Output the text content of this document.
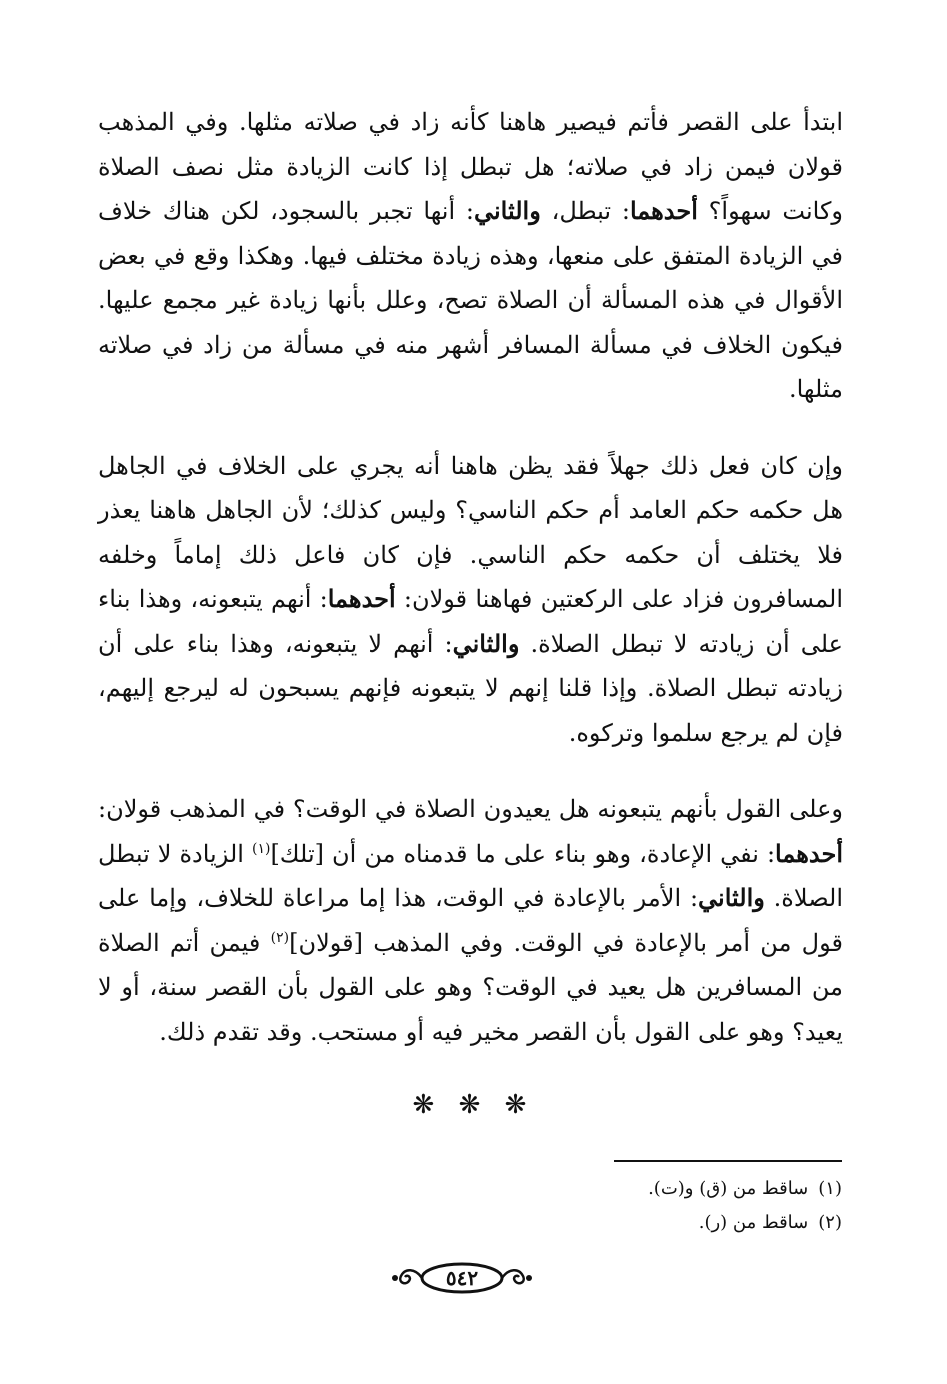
ابتدأ على القصر فأتم فيصير هاهنا كأنه زاد في صلاته مثلها. وفي المذهب قولان فيمن زاد في صلاته؛ هل تبطل إذا كانت الزيادة مثل نصف الصلاة وكانت سهواً؟ أحدهما: تبطل، والثاني: أنها تجبر بالسجود، لكن هناك خلاف في الزيادة المتفق على منعها، وهذه زيادة مختلف فيها. وهكذا وقع في بعض الأقوال في هذه المسألة أن الصلاة تصح، وعلل بأنها زيادة غير مجمع عليها. فيكون الخلاف في مسألة المسافر أشهر منه في مسألة من زاد في صلاته مثلها.

وإن كان فعل ذلك جهلاً فقد يظن هاهنا أنه يجري على الخلاف في الجاهل هل حكمه حكم العامد أم حكم الناسي؟ وليس كذلك؛ لأن الجاهل هاهنا يعذر فلا يختلف أن حكمه حكم الناسي. فإن كان فاعل ذلك إماماً وخلفه المسافرون فزاد على الركعتين فهاهنا قولان: أحدهما: أنهم يتبعونه، وهذا بناء على أن زيادته لا تبطل الصلاة. والثاني: أنهم لا يتبعونه، وهذا بناء على أن زيادته تبطل الصلاة. وإذا قلنا إنهم لا يتبعونه فإنهم يسبحون له ليرجع إليهم، فإن لم يرجع سلموا وتركوه.

وعلى القول بأنهم يتبعونه هل يعيدون الصلاة في الوقت؟ في المذهب قولان: أحدهما: نفي الإعادة، وهو بناء على ما قدمناه من أن [تلك]$^{(١)}$ الزيادة لا تبطل الصلاة. والثاني: الأمر بالإعادة في الوقت، هذا إما مراعاة للخلاف، وإما على قول من أمر بالإعادة في الوقت. وفي المذهب [قولان]$^{(٢)}$ فيمن أتم الصلاة من المسافرين هل يعيد في الوقت؟ وهو على القول بأن القصر سنة، أو لا يعيد؟ وهو على القول بأن القصر مخير فيه أو مستحب. وقد تقدم ذلك.

❋ ❋ ❋
(١)ساقط من (ق) و(ت).
(٢)ساقط من (ر).
٥٤٢
